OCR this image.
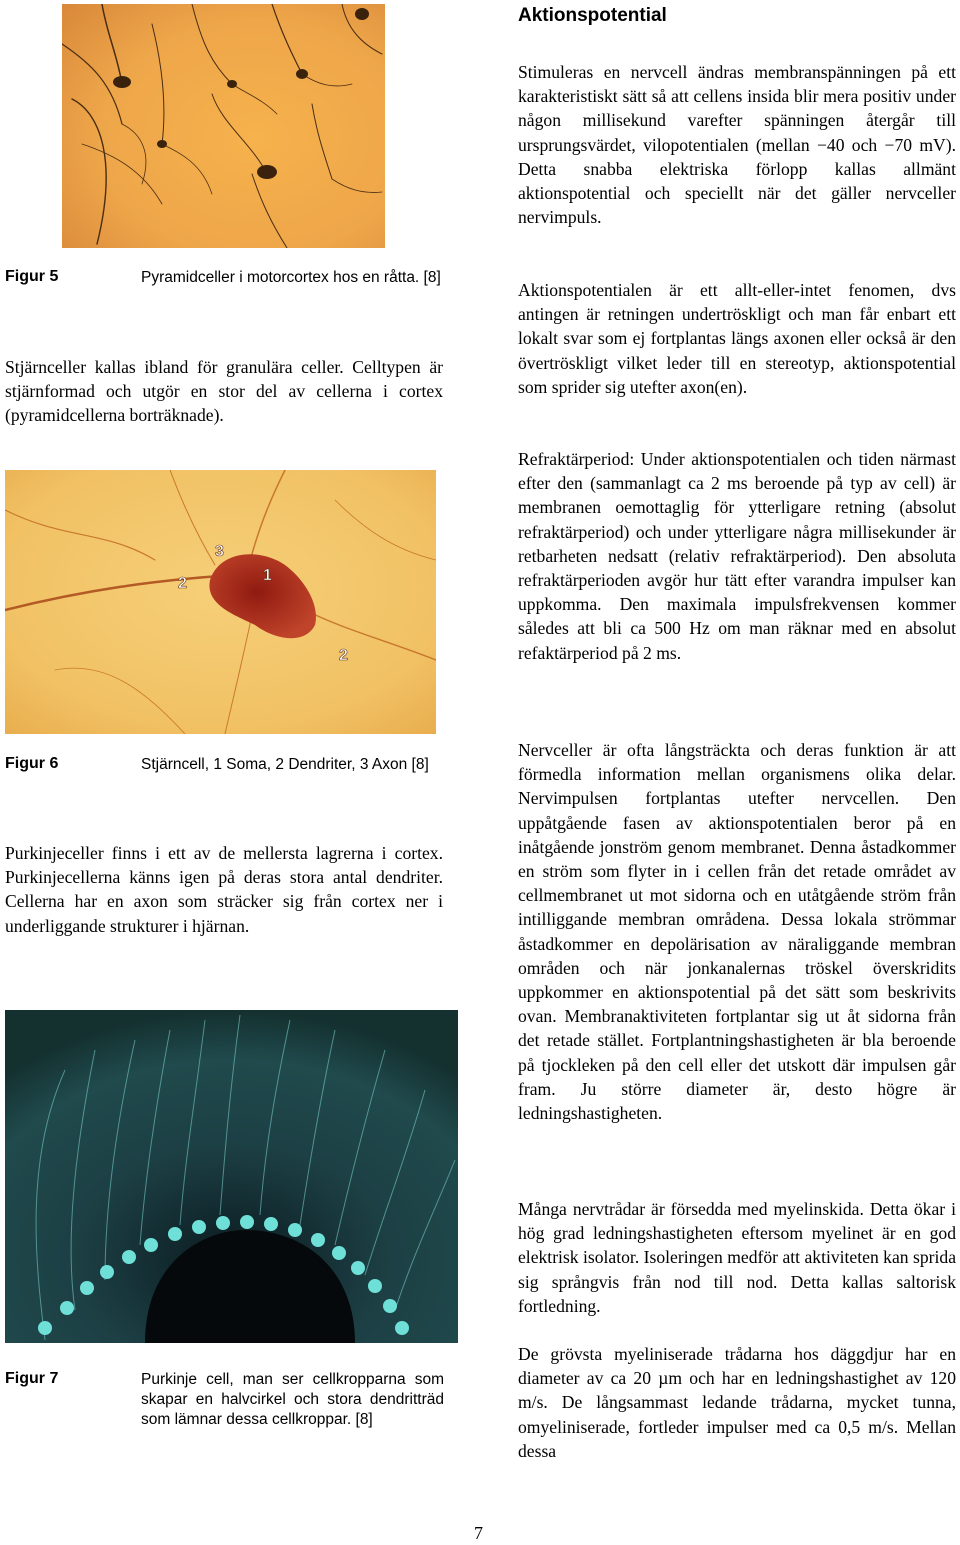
Aktionspotential
Figur 5	Pyramidceller i motorcortex hos en råtta. [8]

Stjärnceller kallas ibland för granulära celler. Celltypen är stjärnformad och utgör en stor del av cellerna i cortex (pyramidcellerna borträknade).

1
2
2
3
Figur 6	Stjärncell, 1 Soma, 2 Dendriter, 3 Axon [8]

Purkinjeceller finns i ett av de mellersta lagrerna i cortex. Purkinjecellerna känns igen på deras stora antal dendriter. Cellerna har en axon som sträcker sig från cortex ner i underliggande strukturer i hjärnan.

Figur 7	Purkinje cell, man ser cellkropparna som skapar en halvcirkel och stora dendritträd som lämnar dessa cellkroppar. [8]

Stimuleras en nervcell ändras membranspänningen på ett karakteristiskt sätt så att cellens insida blir mera positiv under någon millisekund varefter spänningen återgår till ursprungsvärdet, vilopotentialen (mellan −40 och −70 mV). Detta snabba elektriska förlopp kallas allmänt aktionspotential och speciellt när det gäller nervceller nervimpuls.

Aktionspotentialen är ett allt-eller-intet fenomen, dvs antingen är retningen undertröskligt och man får enbart ett lokalt svar som ej fortplantas längs axonen eller också är den övertröskligt vilket leder till en stereotyp, aktionspotential som sprider sig utefter axon(en).

Refraktärperiod: Under aktionspotentialen och tiden närmast efter den (sammanlagt ca 2 ms beroende på typ av cell) är membranen oemottaglig för ytterligare retning (absolut refraktärperiod) och under ytterligare några millisekunder är retbarheten nedsatt (relativ refraktärperiod). Den absoluta refraktärperioden avgör hur tätt efter varandra impulser kan uppkomma. Den maximala impulsfrekvensen kommer således att bli ca 500 Hz om man räknar med en absolut refaktärperiod på 2 ms.

Nervceller är ofta långsträckta och deras funktion är att förmedla information mellan organismens olika delar. Nervimpulsen fortplantas utefter nervcellen. Den uppåtgående fasen av aktionspotentialen beror på en inåtgående jonström genom membranet. Denna åstadkommer en ström som flyter in i cellen från det retade området av cellmembranet ut mot sidorna och en utåtgående ström från intilliggande membran områdena. Dessa lokala strömmar åstadkommer en depolärisation av näraliggande membran områden och när jonkanalernas tröskel överskridits uppkommer en aktionspotential på det sätt som beskrivits ovan. Membranaktiviteten fortplantar sig ut åt sidorna från det retade stället. Fortplantningshastigheten är bla beroende på tjockleken på den cell eller det utskott där impulsen går fram. Ju större diameter är, desto högre är ledningshastigheten.

Många nervtrådar är försedda med myelinskida. Detta ökar i hög grad ledningshastigheten eftersom myelinet är en god elektrisk isolator. Isoleringen medför att aktiviteten kan sprida sig språngvis från nod till nod. Detta kallas saltorisk fortledning.

De grövsta myeliniserade trådarna hos däggdjur har en diameter av ca 20 µm och har en ledningshastighet av 120 m/s. De långsammast ledande trådarna, mycket tunna, omyeliniserade, fortleder impulser med ca 0,5 m/s. Mellan dessa

7
